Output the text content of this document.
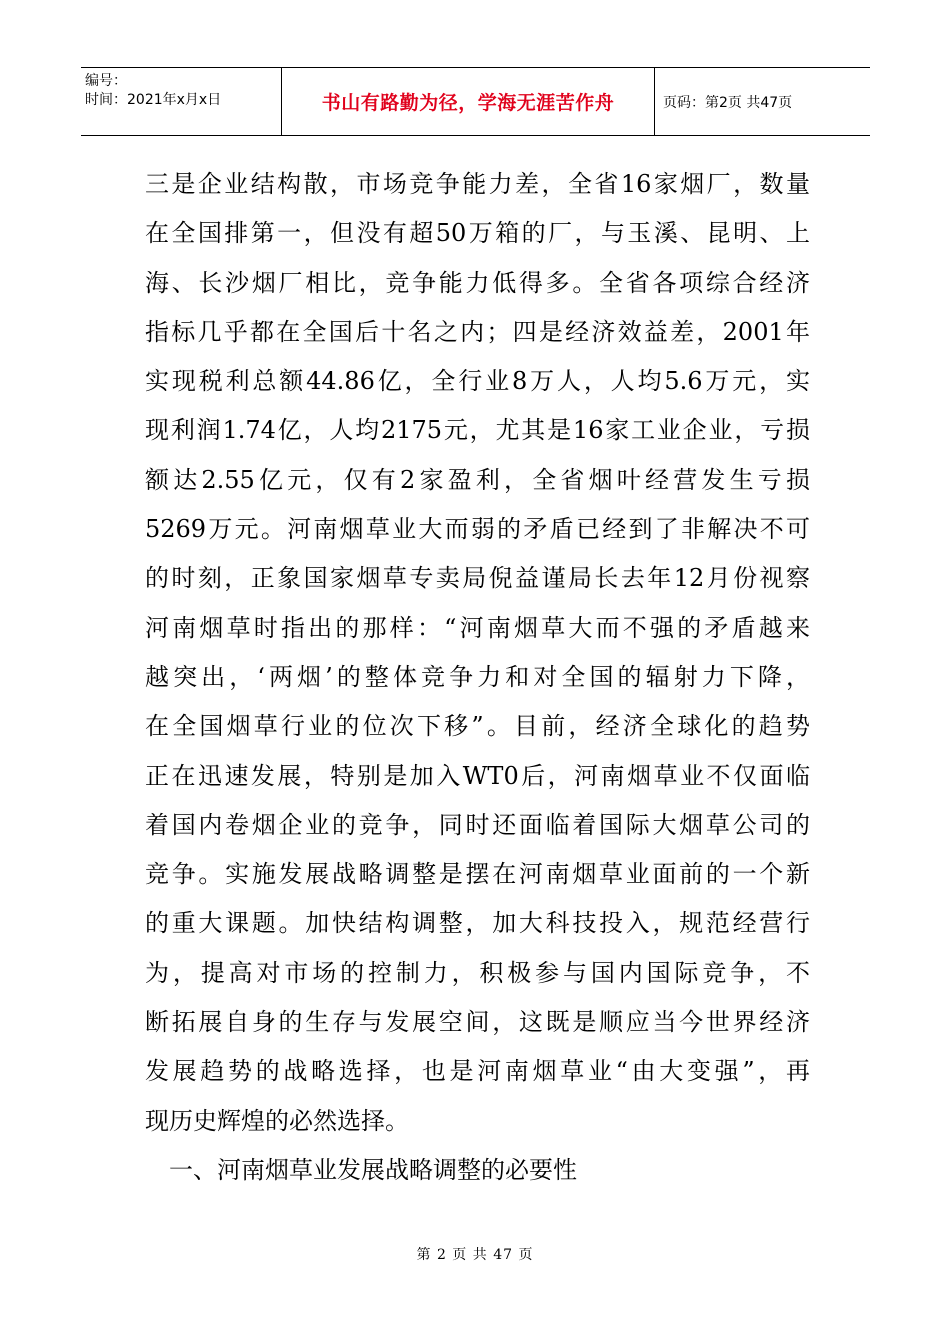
编号：
时间：2021年x月x日	书山有路勤为径，学海无涯苦作舟	页码：第2页 共47页
三是企业结构散，市场竞争能力差，全省16家烟厂，数量
在全国排第一，但没有超50万箱的厂，与玉溪、昆明、上
海、长沙烟厂相比，竞争能力低得多。全省各项综合经济
指标几乎都在全国后十名之内；四是经济效益差，2001年
实现税利总额44.86亿，全行业8万人，人均5.6万元，实
现利润1.74亿，人均2175元，尤其是16家工业企业，亏损
额达2.55亿元，仅有2家盈利，全省烟叶经营发生亏损
5269万元。河南烟草业大而弱的矛盾已经到了非解决不可
的时刻，正象国家烟草专卖局倪益谨局长去年12月份视察
河南烟草时指出的那样：“河南烟草大而不强的矛盾越来
越突出，‘两烟’的整体竞争力和对全国的辐射力下降，
在全国烟草行业的位次下移”。目前，经济全球化的趋势
正在迅速发展，特别是加入WT0后，河南烟草业不仅面临
着国内卷烟企业的竞争，同时还面临着国际大烟草公司的
竞争。实施发展战略调整是摆在河南烟草业面前的一个新
的重大课题。加快结构调整，加大科技投入，规范经营行
为，提高对市场的控制力，积极参与国内国际竞争，不
断拓展自身的生存与发展空间，这既是顺应当今世界经济
发展趋势的战略选择，也是河南烟草业“由大变强”，再
现历史辉煌的必然选择。
一、河南烟草业发展战略调整的必要性
第 2 页 共 47 页
